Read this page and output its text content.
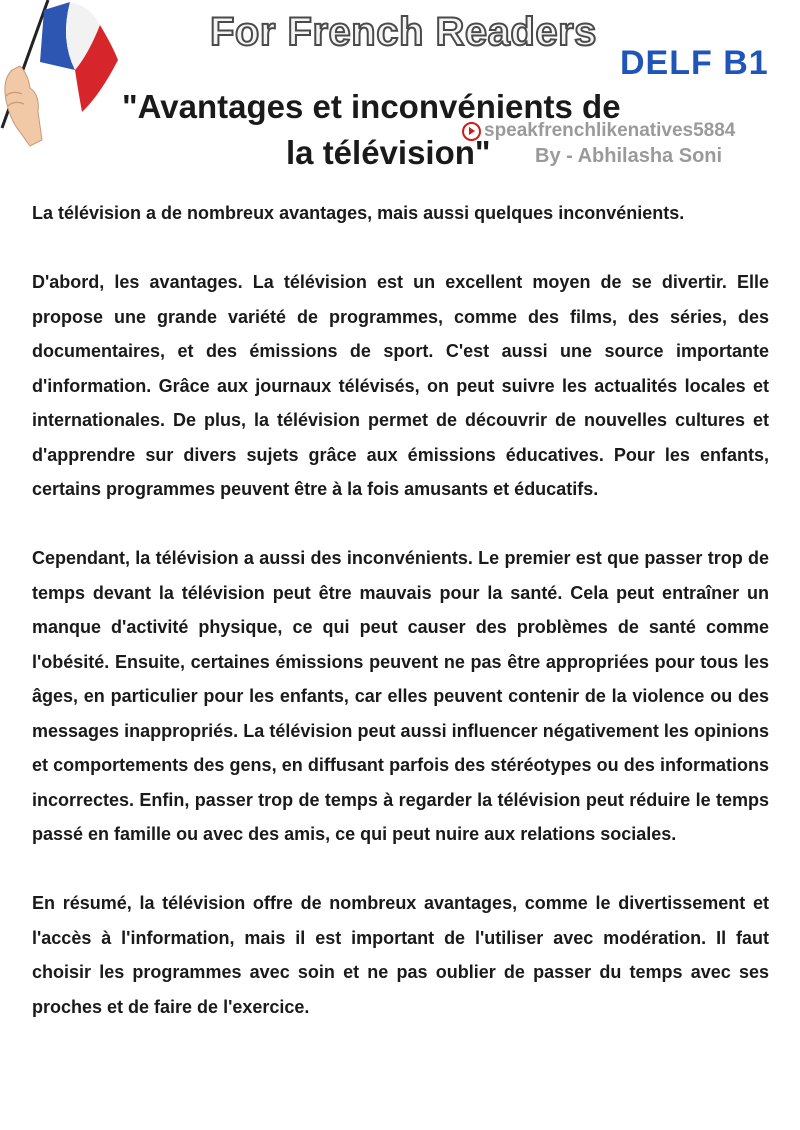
For French Readers
DELF B1
"Avantages et inconvénients de
la télévision"
speakfrenchlikenatives5884
By - Abhilasha Soni

La télévision a de nombreux avantages, mais aussi quelques inconvénients.

D'abord, les avantages. La télévision est un excellent moyen de se divertir. Elle propose une grande variété de programmes, comme des films, des séries, des documentaires, et des émissions de sport. C'est aussi une source importante d'information. Grâce aux journaux télévisés, on peut suivre les actualités locales et internationales. De plus, la télévision permet de découvrir de nouvelles cultures et d'apprendre sur divers sujets grâce aux émissions éducatives. Pour les enfants, certains programmes peuvent être à la fois amusants et éducatifs.

Cependant, la télévision a aussi des inconvénients. Le premier est que passer trop de temps devant la télévision peut être mauvais pour la santé. Cela peut entraîner un manque d'activité physique, ce qui peut causer des problèmes de santé comme l'obésité. Ensuite, certaines émissions peuvent ne pas être appropriées pour tous les âges, en particulier pour les enfants, car elles peuvent contenir de la violence ou des messages inappropriés. La télévision peut aussi influencer négativement les opinions et comportements des gens, en diffusant parfois des stéréotypes ou des informations incorrectes. Enfin, passer trop de temps à regarder la télévision peut réduire le temps passé en famille ou avec des amis, ce qui peut nuire aux relations sociales.

En résumé, la télévision offre de nombreux avantages, comme le divertissement et l'accès à l'information, mais il est important de l'utiliser avec modération. Il faut choisir les programmes avec soin et ne pas oublier de passer du temps avec ses proches et de faire de l'exercice.
